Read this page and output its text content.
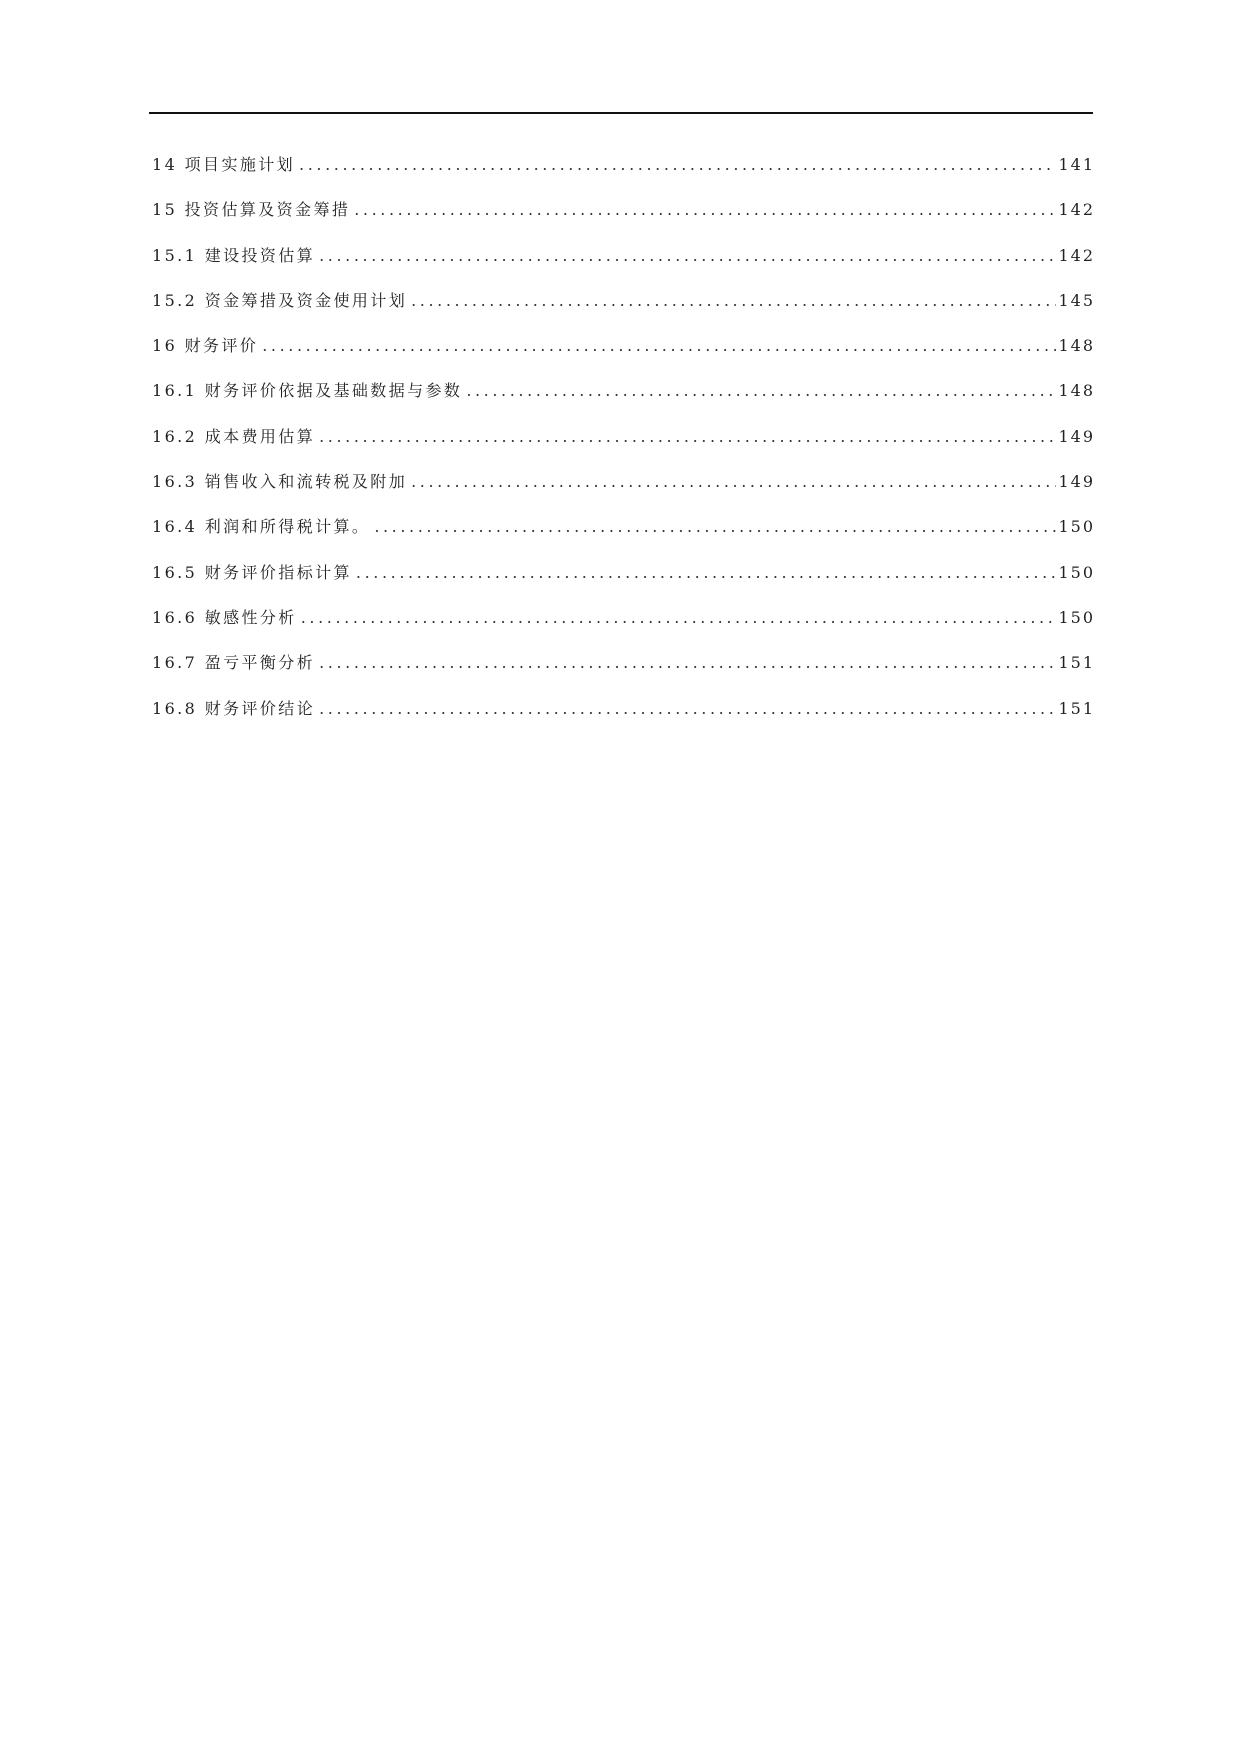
14 项目实施计划 .....	141
15 投资估算及资金筹措 .....	142
15.1 建设投资估算 .....	142
15.2 资金筹措及资金使用计划 .....	145
16 财务评价 .....	148
16.1 财务评价依据及基础数据与参数 .....	148
16.2 成本费用估算 .....	149
16.3 销售收入和流转税及附加 .....	149
16.4 利润和所得税计算。 .....	150
16.5 财务评价指标计算 .....	150
16.6 敏感性分析 .....	150
16.7 盈亏平衡分析 .....	151
16.8 财务评价结论 .....	151
